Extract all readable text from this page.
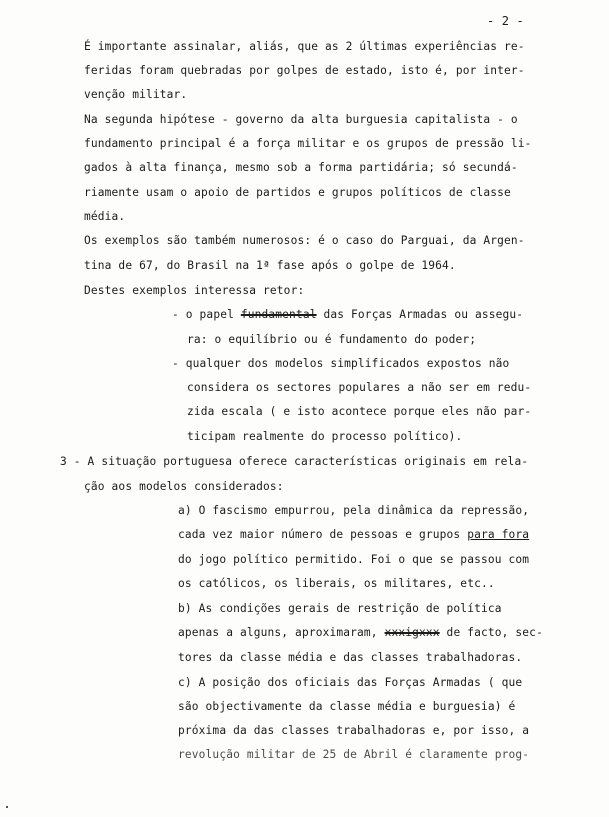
- 2 -
É importante assinalar, aliás, que as 2 últimas experiências re-
feridas foram quebradas por golpes de estado, isto é, por inter-
venção militar.
Na segunda hipótese - governo da alta burguesia capitalista - o
fundamento principal é a força militar e os grupos de pressão li-
gados à alta finança, mesmo sob a forma partidária; só secundá-
riamente usam o apoio de partidos e grupos políticos de classe
média.
Os exemplos são também numerosos: é o caso do Parguai, da Argen-
tina de 67, do Brasil na 1ª fase após o golpe de 1964.
Destes exemplos interessa retor:
- o papel fundamental das Forças Armadas ou assegu-
ra: o equilíbrio ou é fundamento do poder;
- qualquer dos modelos simplificados expostos não
considera os sectores populares a não ser em redu-
zida escala ( e isto acontece porque eles não par-
ticipam realmente do processo político).
3 - A situação portuguesa oferece características originais em rela-
ção aos modelos considerados:
a) O fascismo empurrou, pela dinâmica da repressão,
cada vez maior número de pessoas e grupos para fora
do jogo político permitido. Foi o que se passou com
os católicos, os liberais, os militares, etc..
b) As condições gerais de restrição de política
apenas a alguns, aproximaram, xxxigxxx de facto, sec-
tores da classe média e das classes trabalhadoras.
c) A posição dos oficiais das Forças Armadas ( que
são objectivamente da classe média e burguesia) é
próxima da das classes trabalhadoras e, por isso, a
revolução militar de 25 de Abril é claramente prog-
